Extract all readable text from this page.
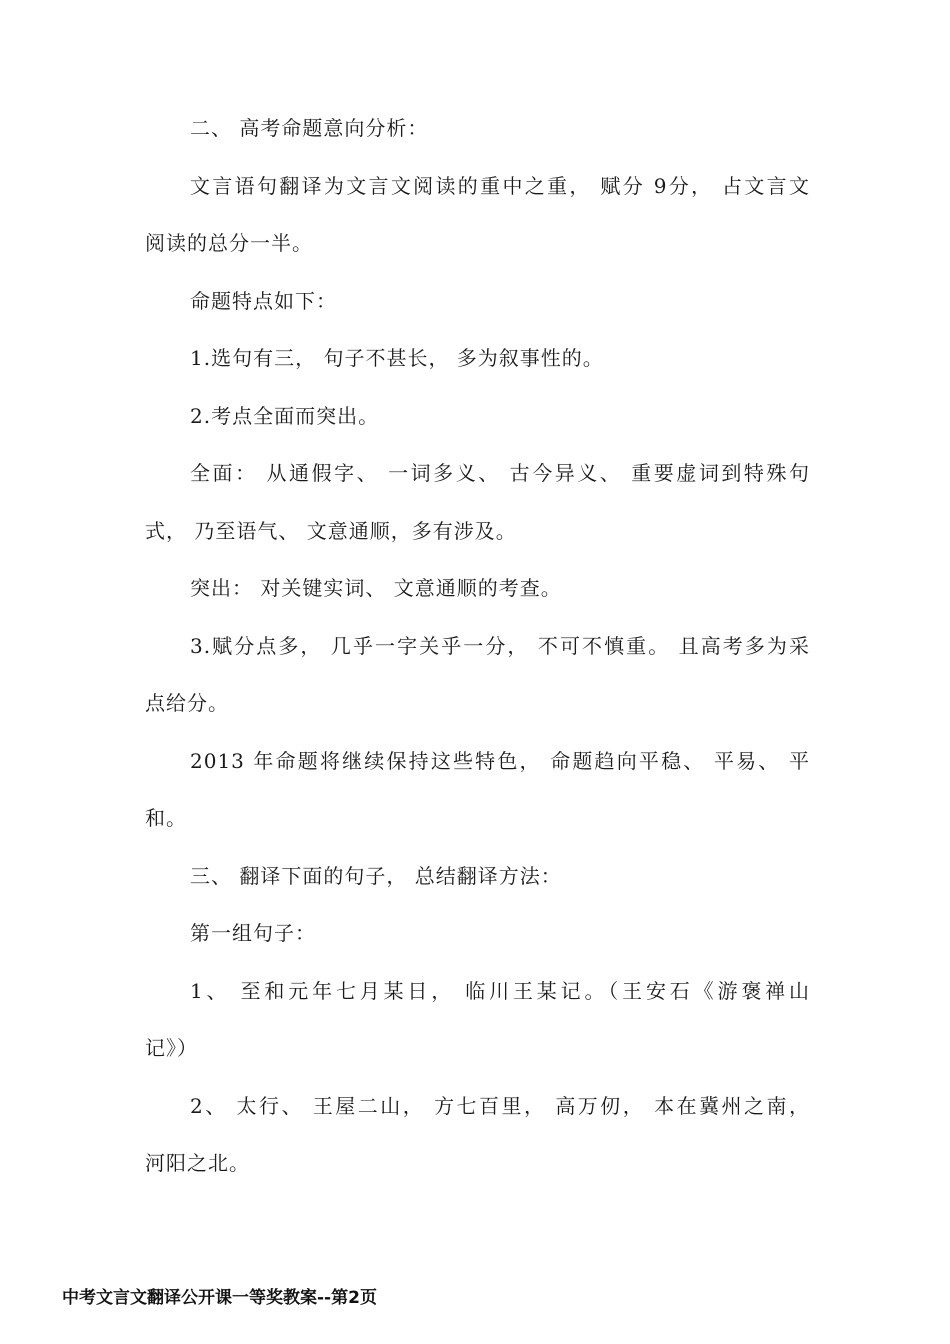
二、 高考命题意向分析：
文言语句翻译为文言文阅读的重中之重， 赋分 9分， 占文言文
阅读的总分一半。
命题特点如下：
1.选句有三， 句子不甚长， 多为叙事性的。
2.考点全面而突出。
全面： 从通假字、 一词多义、 古今异义、 重要虚词到特殊句
式， 乃至语气、 文意通顺，多有涉及。
突出： 对关键实词、 文意通顺的考查。
3.赋分点多， 几乎一字关乎一分， 不可不慎重。 且高考多为采
点给分。
2013 年命题将继续保持这些特色， 命题趋向平稳、 平易、 平
和。
三、 翻译下面的句子， 总结翻译方法：
第一组句子：
1、 至和元年七月某日， 临川王某记。（王安石《游褒禅山
记》）
2、 太行、 王屋二山， 方七百里， 高万仞， 本在冀州之南，
河阳之北。
中考文言文翻译公开课一等奖教案--第2页
